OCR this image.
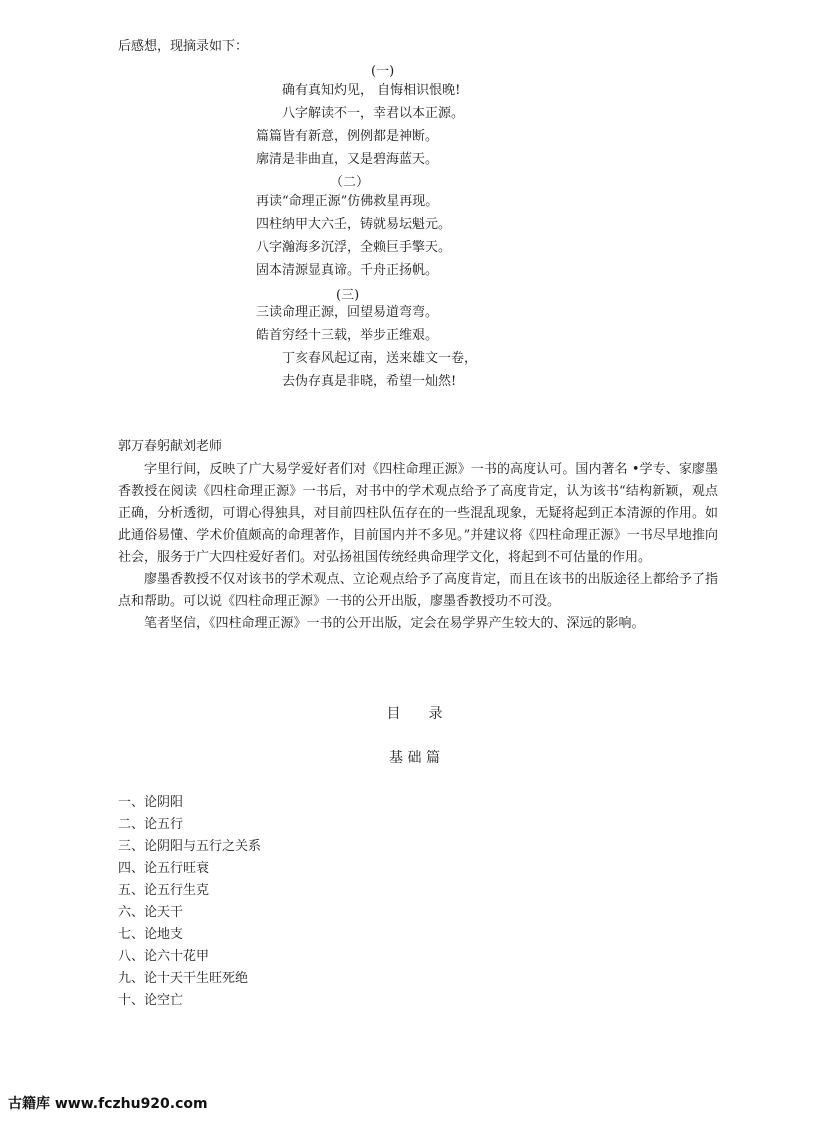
后感想，现摘录如下：
(一)
确有真知灼见， 自悔相识恨晚!
八字解读不一，幸君以本正源。
篇篇皆有新意，例例都是神断。
廓清是非曲直，又是碧海蓝天。
（二）
再读“命理正源”仿佛救星再现。
四柱纳甲大六壬，铸就易坛魁元。
八字瀚海多沉浮，全赖巨手擎天。
固本清源显真谛。千舟正扬帆。
(三)
三读命理正源，回望易道弯弯。
皓首穷经十三载，举步正维艰。
丁亥春风起辽南，送来雄文一卷，
去伪存真是非晓，希望一灿然!
郭万春躬献刘老师

字里行间，反映了广大易学爱好者们对《四柱命理正源》一书的高度认可。国内著名 •学专、家廖墨香教授在阅读《四柱命理正源》一书后，对书中的学术观点给予了高度肯定，认为该书“结构新颖，观点正确，分析透彻，可谓心得独具，对目前四柱队伍存在的一些混乱现象，无疑将起到正本清源的作用。如此通俗易懂、学术价值颇高的命理著作，目前国内并不多见。”并建议将《四柱命理正源》一书尽早地推向社会，服务于广大四柱爱好者们。对弘扬祖国传统经典命理学文化，将起到不可估量的作用。

廖墨香教授不仅对该书的学术观点、立论观点给予了高度肯定，而且在该书的出版途径上都给予了指点和帮助。可以说《四柱命理正源》一书的公开出版，廖墨香教授功不可没。

笔者坚信，《四柱命理正源》一书的公开出版，定会在易学界产生较大的、深远的影响。

目　　录
基 础 篇
一、论阴阳
二、论五行
三、论阴阳与五行之关系
四、论五行旺衰
五、论五行生克
六、论天干
七、论地支
八、论六十花甲
九、论十天干生旺死绝
十、论空亡
古籍库 www.fczhu920.com
